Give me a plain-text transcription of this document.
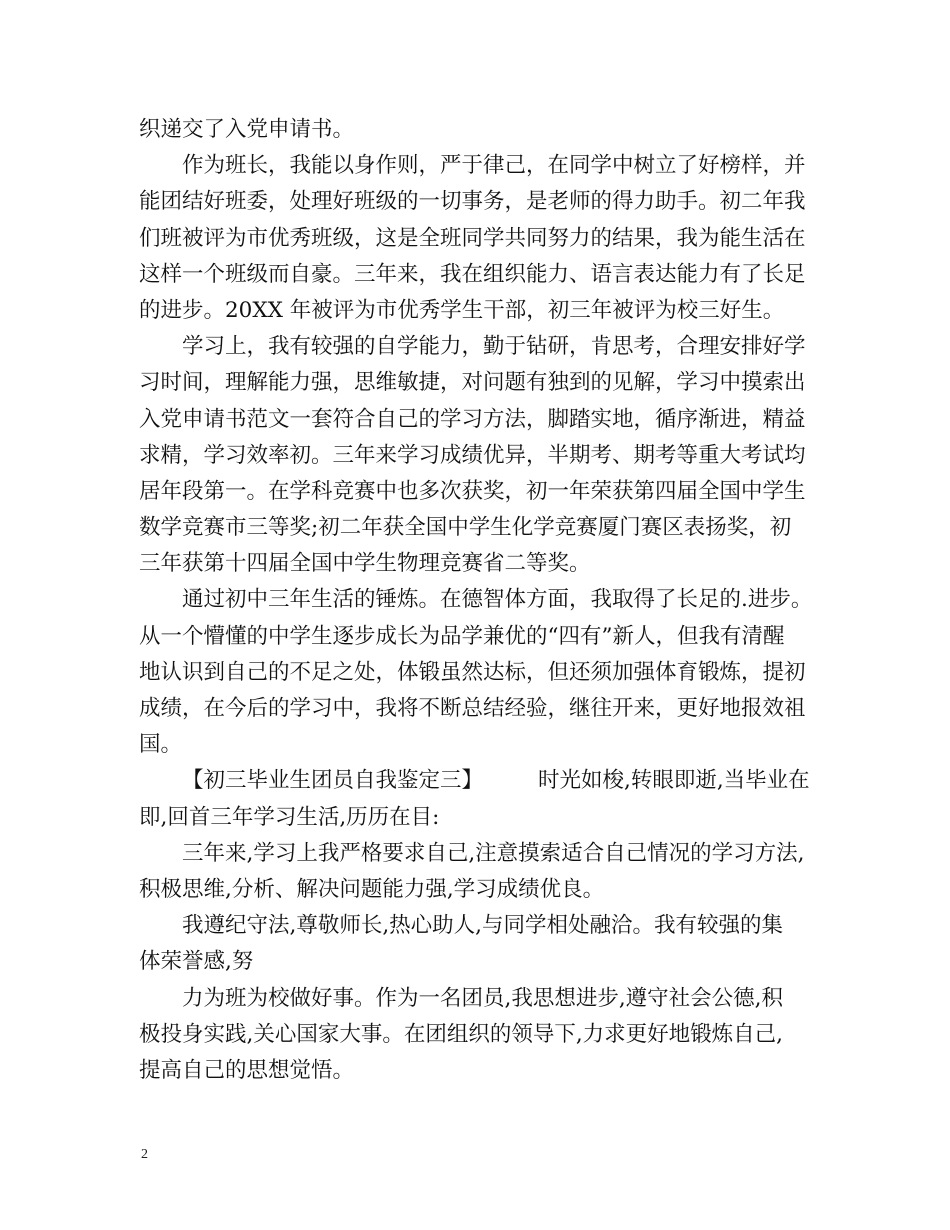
织递交了入党申请书。
作为班长，我能以身作则，严于律己，在同学中树立了好榜样，并
能团结好班委，处理好班级的一切事务，是老师的得力助手。初二年我
们班被评为市优秀班级，这是全班同学共同努力的结果，我为能生活在
这样一个班级而自豪。三年来，我在组织能力、语言表达能力有了长足
的进步。20XX 年被评为市优秀学生干部，初三年被评为校三好生。
学习上，我有较强的自学能力，勤于钻研，肯思考，合理安排好学
习时间，理解能力强，思维敏捷，对问题有独到的见解，学习中摸索出
入党申请书范文一套符合自己的学习方法，脚踏实地，循序渐进，精益
求精，学习效率初。三年来学习成绩优异，半期考、期考等重大考试均
居年段第一。在学科竞赛中也多次获奖，初一年荣获第四届全国中学生
数学竞赛市三等奖;初二年获全国中学生化学竞赛厦门赛区表扬奖，初
三年获第十四届全国中学生物理竞赛省二等奖。
通过初中三年生活的锤炼。在德智体方面，我取得了长足的.进步。
从一个懵懂的中学生逐步成长为品学兼优的“四有”新人，但我有清醒
地认识到自己的不足之处，体锻虽然达标，但还须加强体育锻炼，提初
成绩，在今后的学习中，我将不断总结经验，继往开来，更好地报效祖
国。
【初三毕业生团员自我鉴定三】	时光如梭,转眼即逝,当毕业在
即,回首三年学习生活,历历在目:
三年来,学习上我严格要求自己,注意摸索适合自己情况的学习方法,
积极思维,分析、解决问题能力强,学习成绩优良。
我遵纪守法,尊敬师长,热心助人,与同学相处融洽。我有较强的集
体荣誉感,努
力为班为校做好事。作为一名团员,我思想进步,遵守社会公德,积
极投身实践,关心国家大事。在团组织的领导下,力求更好地锻炼自己,
提高自己的思想觉悟。
2
